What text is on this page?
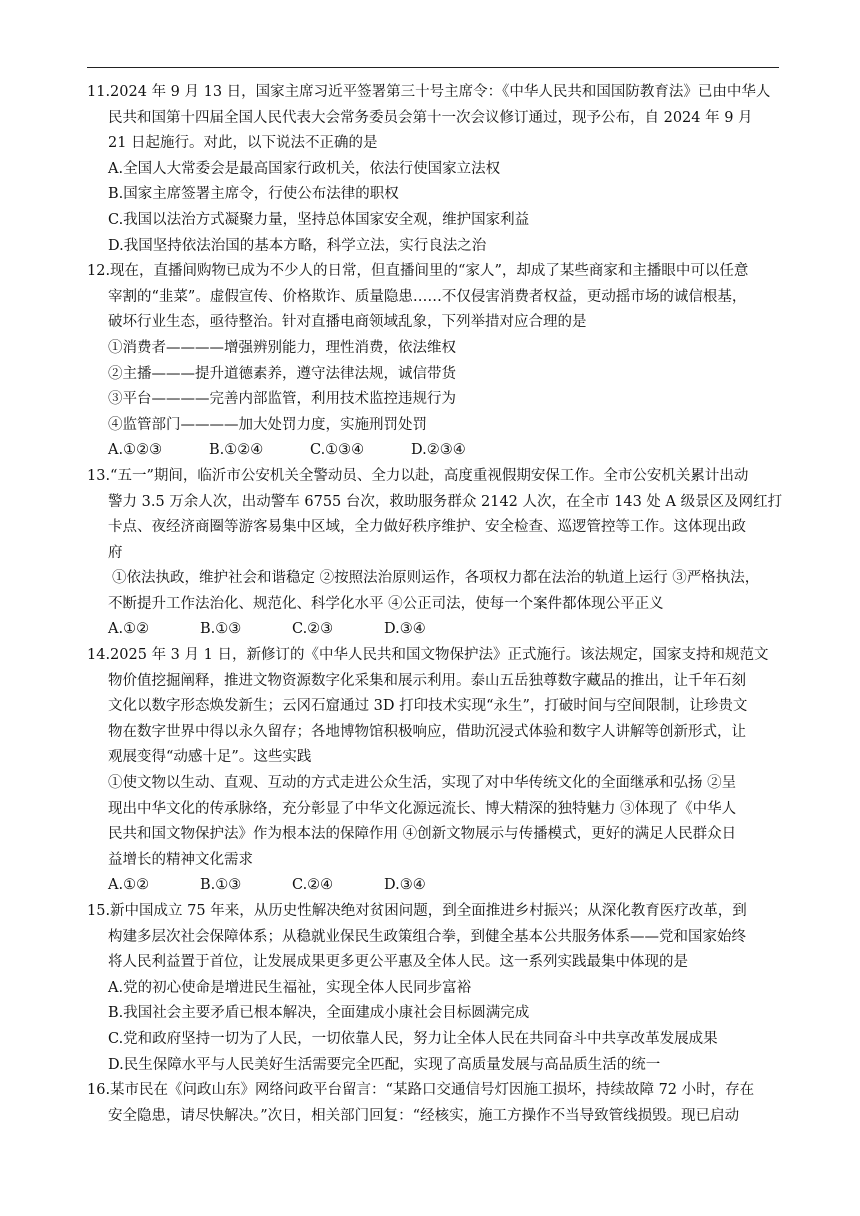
11.2024 年 9 月 13 日，国家主席习近平签署第三十号主席令：《中华人民共和国国防教育法》已由中华人
民共和国第十四届全国人民代表大会常务委员会第十一次会议修订通过，现予公布，自 2024 年 9 月
21 日起施行。对此，以下说法不正确的是
A.全国人大常委会是最高国家行政机关，依法行使国家立法权
B.国家主席签署主席令，行使公布法律的职权
C.我国以法治方式凝聚力量，坚持总体国家安全观，维护国家利益
D.我国坚持依法治国的基本方略，科学立法，实行良法之治
12.现在，直播间购物已成为不少人的日常，但直播间里的“家人”，却成了某些商家和主播眼中可以任意
宰割的“韭菜”。虚假宣传、价格欺诈、质量隐患……不仅侵害消费者权益，更动摇市场的诚信根基，
破坏行业生态，亟待整治。针对直播电商领域乱象，下列举措对应合理的是
①消费者————增强辨别能力，理性消费，依法维权
②主播———提升道德素养，遵守法律法规，诚信带货
③平台————完善内部监管，利用技术监控违规行为
④监管部门————加大处罚力度，实施刑罚处罚
A.①②③	B.①②④	C.①③④	D.②③④
13.“五一”期间，临沂市公安机关全警动员、全力以赴，高度重视假期安保工作。全市公安机关累计出动
警力 3.5 万余人次，出动警车 6755 台次，救助服务群众 2142 人次，在全市 143 处 A 级景区及网红打
卡点、夜经济商圈等游客易集中区域，全力做好秩序维护、安全检查、巡逻管控等工作。这体现出政
府
①依法执政，维护社会和谐稳定 ②按照法治原则运作，各项权力都在法治的轨道上运行 ③严格执法，
不断提升工作法治化、规范化、科学化水平 ④公正司法，使每一个案件都体现公平正义
A.①②	B.①③	C.②③	D.③④
14.2025 年 3 月 1 日，新修订的《中华人民共和国文物保护法》正式施行。该法规定，国家支持和规范文
物价值挖掘阐释，推进文物资源数字化采集和展示利用。泰山五岳独尊数字藏品的推出，让千年石刻
文化以数字形态焕发新生；云冈石窟通过 3D 打印技术实现“永生”，打破时间与空间限制，让珍贵文
物在数字世界中得以永久留存；各地博物馆积极响应，借助沉浸式体验和数字人讲解等创新形式，让
观展变得“动感十足”。这些实践
①使文物以生动、直观、互动的方式走进公众生活，实现了对中华传统文化的全面继承和弘扬 ②呈
现出中华文化的传承脉络，充分彰显了中华文化源远流长、博大精深的独特魅力 ③体现了《中华人
民共和国文物保护法》作为根本法的保障作用 ④创新文物展示与传播模式，更好的满足人民群众日
益增长的精神文化需求
A.①②	B.①③	C.②④	D.③④
15.新中国成立 75 年来，从历史性解决绝对贫困问题，到全面推进乡村振兴；从深化教育医疗改革，到
构建多层次社会保障体系；从稳就业保民生政策组合拳，到健全基本公共服务体系——党和国家始终
将人民利益置于首位，让发展成果更多更公平惠及全体人民。这一系列实践最集中体现的是
A.党的初心使命是增进民生福祉，实现全体人民同步富裕
B.我国社会主要矛盾已根本解决，全面建成小康社会目标圆满完成
C.党和政府坚持一切为了人民，一切依靠人民，努力让全体人民在共同奋斗中共享改革发展成果
D.民生保障水平与人民美好生活需要完全匹配，实现了高质量发展与高品质生活的统一
16.某市民在《问政山东》网络问政平台留言：“某路口交通信号灯因施工损坏，持续故障 72 小时，存在
安全隐患，请尽快解决。”次日，相关部门回复：“经核实，施工方操作不当导致管线损毁。现已启动
